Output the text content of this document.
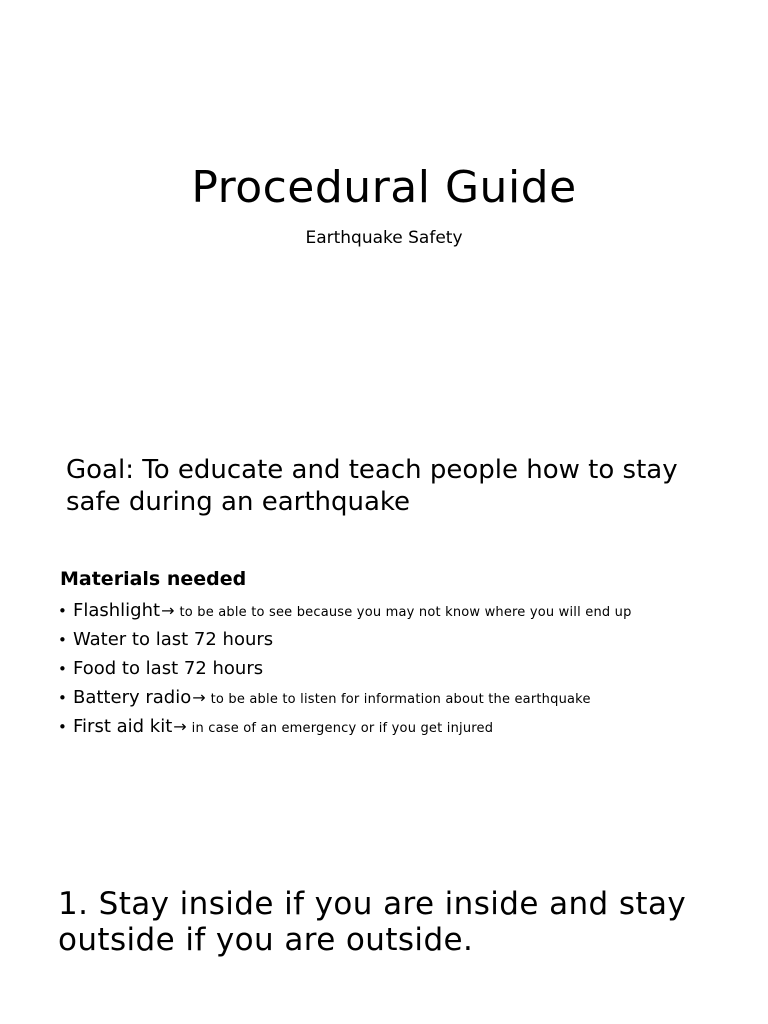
Procedural Guide

Earthquake Safety

Goal: To educate and teach people how to stay safe during an earthquake

Materials needed
• Flashlight→ to be able to see because you may not know where you will end up
• Water to last 72 hours
• Food to last 72 hours
• Battery radio→ to be able to listen for information about the earthquake
• First aid kit→ in case of an emergency or if you get injured

1. Stay inside if you are inside and stay outside if you are outside.
